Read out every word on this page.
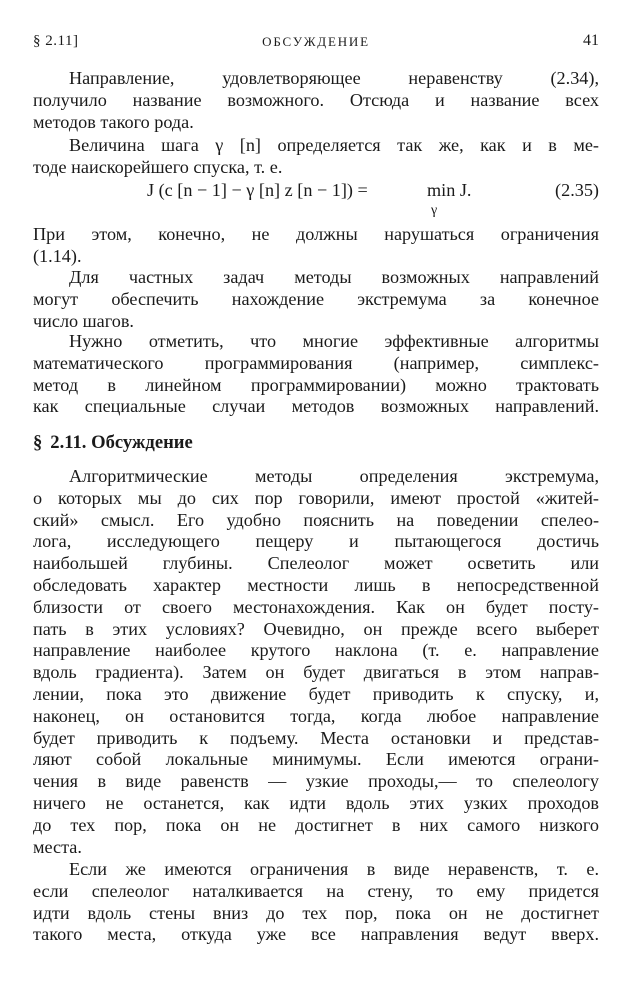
§ 2.11]	ОБСУЖДЕНИЕ	41
Направление, удовлетворяющее неравенству (2.34),
получило название возможного. Отсюда и название всех
методов такого рода.
Величина шага γ [n] определяется так же, как и в ме-
тоде наискорейшего спуска, т. е.
J (c [n − 1] − γ [n] z [n − 1]) =	min J.
γ
(2.35)
При этом, конечно, не должны нарушаться ограничения
(1.14).
Для частных задач методы возможных направлений
могут обеспечить нахождение экстремума за конечное
число шагов.
Нужно отметить, что многие эффективные алгоритмы
математического программирования (например, симплекс-
метод в линейном программировании) можно трактовать
как специальные случаи методов возможных направлений.
§ 2.11. Обсуждение
Алгоритмические методы определения экстремума,
о которых мы до сих пор говорили, имеют простой «житей-
ский» смысл. Его удобно пояснить на поведении спелео-
лога, исследующего пещеру и пытающегося достичь
наибольшей глубины. Спелеолог может осветить или
обследовать характер местности лишь в непосредственной
близости от своего местонахождения. Как он будет посту-
пать в этих условиях? Очевидно, он прежде всего выберет
направление наиболее крутого наклона (т. е. направление
вдоль градиента). Затем он будет двигаться в этом направ-
лении, пока это движение будет приводить к спуску, и,
наконец, он остановится тогда, когда любое направление
будет приводить к подъему. Места остановки и представ-
ляют собой локальные минимумы. Если имеются ограни-
чения в виде равенств — узкие проходы,— то спелеологу
ничего не останется, как идти вдоль этих узких проходов
до тех пор, пока он не достигнет в них самого низкого
места.
Если же имеются ограничения в виде неравенств, т. е.
если спелеолог наталкивается на стену, то ему придется
идти вдоль стены вниз до тех пор, пока он не достигнет
такого места, откуда уже все направления ведут вверх.
